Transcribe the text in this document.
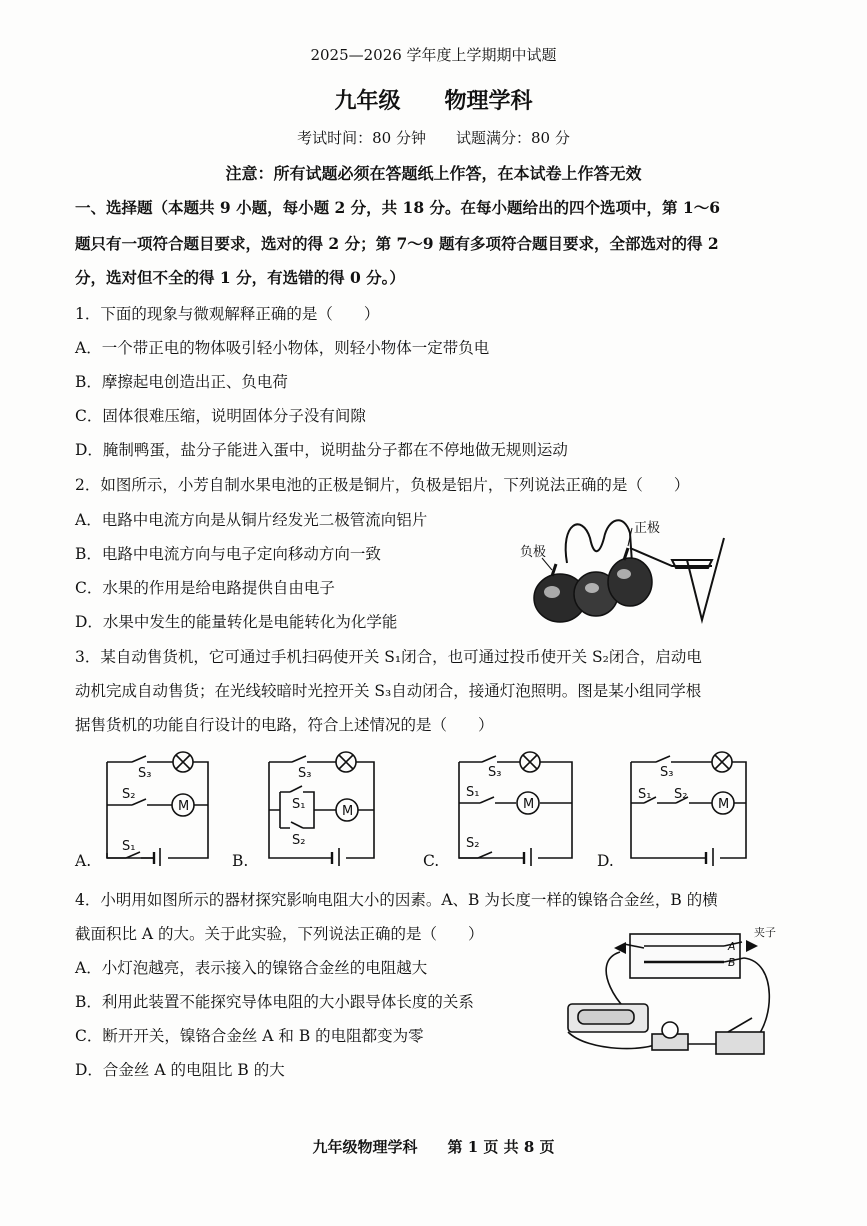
2025—2026 学年度上学期期中试题
九年级　　物理学科
考试时间：80 分钟　　试题满分：80 分
注意：所有试题必须在答题纸上作答，在本试卷上作答无效
一、选择题（本题共 9 小题，每小题 2 分，共 18 分。在每小题给出的四个选项中，第 1～6
题只有一项符合题目要求，选对的得 2 分；第 7～9 题有多项符合题目要求，全部选对的得 2
分，选对但不全的得 1 分，有选错的得 0 分。）
1．下面的现象与微观解释正确的是（　　）
A．一个带正电的物体吸引轻小物体，则轻小物体一定带负电
B．摩擦起电创造出正、负电荷
C．固体很难压缩，说明固体分子没有间隙
D．腌制鸭蛋，盐分子能进入蛋中，说明盐分子都在不停地做无规则运动
2．如图所示，小芳自制水果电池的正极是铜片，负极是铝片，下列说法正确的是（　　）
A．电路中电流方向是从铜片经发光二极管流向铝片
B．电路中电流方向与电子定向移动方向一致
C．水果的作用是给电路提供自由电子
D．水果中发生的能量转化是电能转化为化学能
负极
正极
3．某自动售货机，它可通过手机扫码使开关 S₁闭合，也可通过投币使开关 S₂闭合，启动电
动机完成自动售货；在光线较暗时光控开关 S₃自动闭合，接通灯泡照明。图是某小组同学根
据售货机的功能自行设计的电路，符合上述情况的是（　　）
A.
S₃
S₂
S₁
M
B.
S₃
S₁
S₂
M
C.
S₃
S₁
S₂
M
D.
S₃
S₁ S₂
M
4．小明用如图所示的器材探究影响电阻大小的因素。A、B 为长度一样的镍铬合金丝，B 的横
截面积比 A 的大。关于此实验，下列说法正确的是（　　）
A．小灯泡越亮，表示接入的镍铬合金丝的电阻越大
B．利用此装置不能探究导体电阻的大小跟导体长度的关系
C．断开开关，镍铬合金丝 A 和 B 的电阻都变为零
D．合金丝 A 的电阻比 B 的大
A
B
夹子
九年级物理学科　　第 1 页 共 8 页
